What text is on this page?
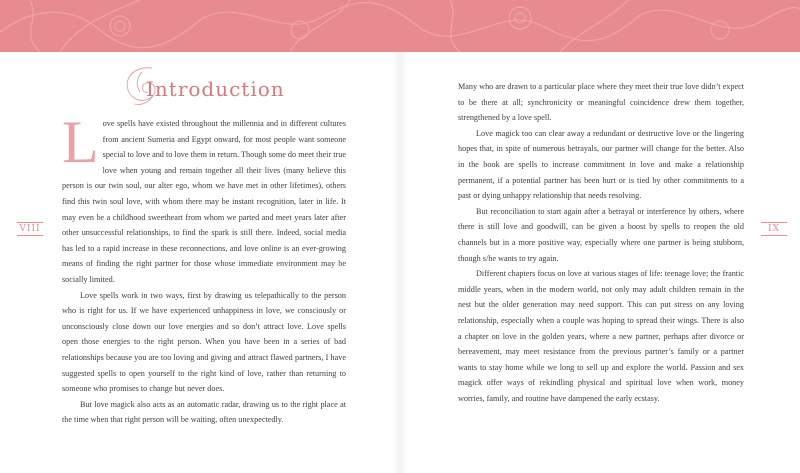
Introduction

Love spells have existed throughout the millennia and in different cultures from ancient Sumeria and Egypt onward, for most people want someone special to love and to love them in return. Though some do meet their true love when young and remain together all their lives (many believe this person is our twin soul, our alter ego, whom we have met in other lifetimes), others find this twin soul love, with whom there may be instant recognition, later in life. It may even be a childhood sweetheart from whom we parted and meet years later after other unsuccessful relationships, to find the spark is still there. Indeed, social media has led to a rapid increase in these reconnections, and love online is an ever-growing means of finding the right partner for those whose immediate environment may be socially limited.

Love spells work in two ways, first by drawing us telepathically to the person who is right for us. If we have experienced unhappiness in love, we consciously or unconsciously close down our love energies and so don’t attract love. Love spells open those energies to the right person. When you have been in a series of bad relationships because you are too loving and giving and attract flawed partners, I have suggested spells to open yourself to the right kind of love, rather than returning to someone who promises to change but never does.

But love magick also acts as an automatic radar, drawing us to the right place at the time when that right person will be waiting, often unexpectedly.

VIII

Many who are drawn to a particular place where they meet their true love didn’t expect to be there at all; synchronicity or meaningful coincidence drew them together, strengthened by a love spell.

Love magick too can clear away a redundant or destructive love or the lingering hopes that, in spite of numerous betrayals, our partner will change for the better. Also in the book are spells to increase commitment in love and make a relationship permanent, if a potential partner has been hurt or is tied by other commitments to a past or dying unhappy relationship that needs resolving.

But reconciliation to start again after a betrayal or interference by others, where there is still love and goodwill, can be given a boost by spells to reopen the old channels but in a more positive way, especially where one partner is being stubborn, though s/he wants to try again.

Different chapters focus on love at various stages of life: teenage love; the frantic middle years, when in the modern world, not only may adult children remain in the nest but the older generation may need support. This can put stress on any loving relationship, especially when a couple was hoping to spread their wings. There is also a chapter on love in the golden years, where a new partner, perhaps after divorce or bereavement, may meet resistance from the previous partner’s family or a partner wants to stay home while we long to sell up and explore the world. Passion and sex magick offer ways of rekindling physical and spiritual love when work, money worries, family, and routine have dampened the early ecstasy.

IX
